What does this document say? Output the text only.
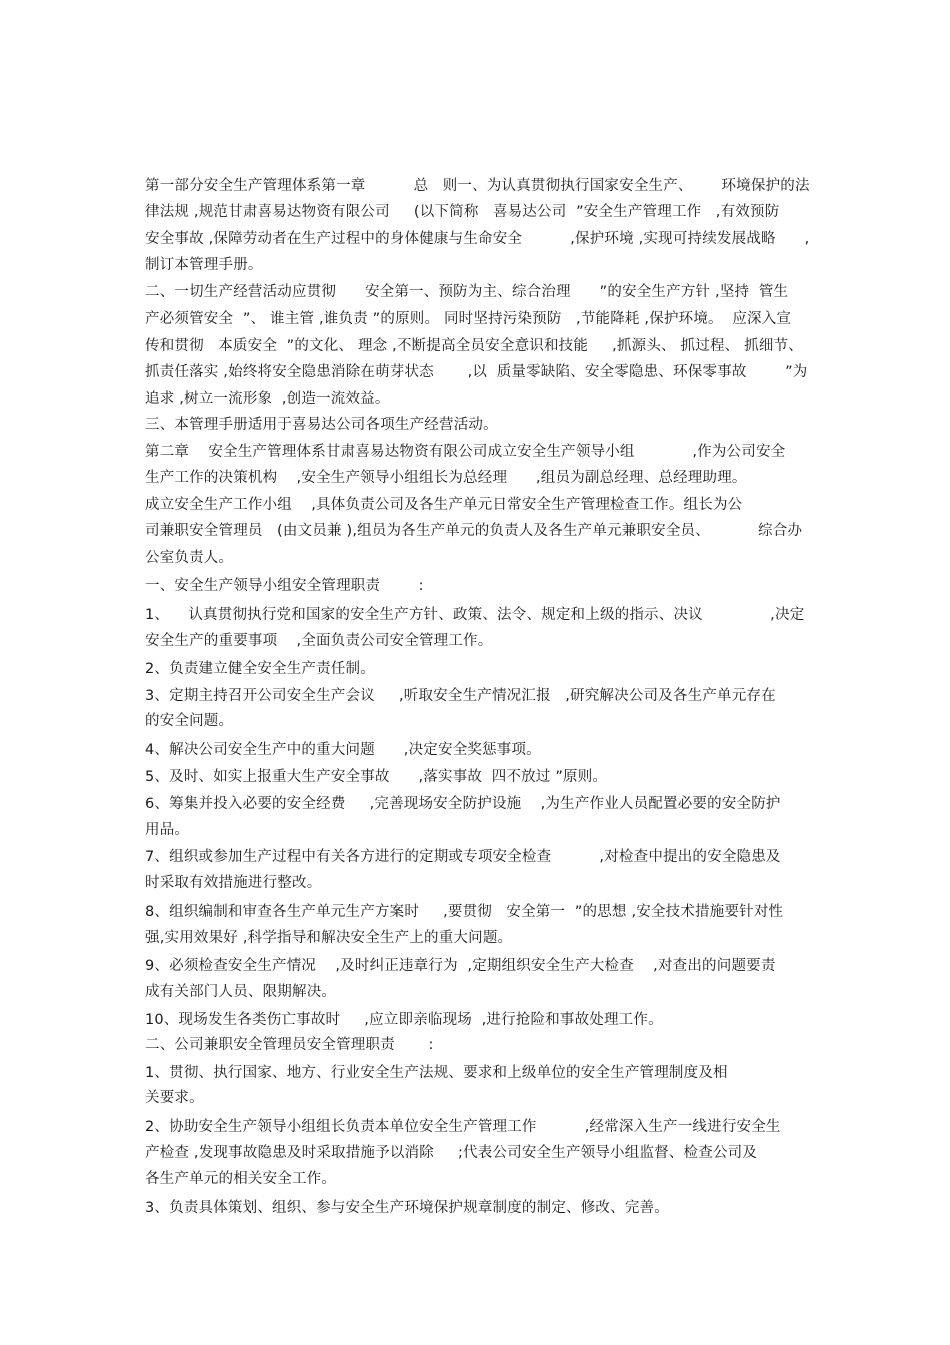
第一部分安全生产管理体系第一章          总   则一、为认真贯彻执行国家安全生产、      环境保护的法
律法规 ,规范甘肃喜易达物资有限公司     (以下简称   喜易达公司  ”安全生产管理工作   ,有效预防
安全事故 ,保障劳动者在生产过程中的身体健康与生命安全          ,保护环境 ,实现可持续发展战略      ,
制订本管理手册。
二、一切生产经营活动应贯彻      安全第一、预防为主、综合治理      ”的安全生产方针 ,坚持  管生
产必须管安全  ”、 谁主管 ,谁负责 ”的原则。 同时坚持污染预防   ,节能降耗 ,保护环境。  应深入宣
传和贯彻   本质安全  ”的文化、 理念 ,不断提高全员安全意识和技能     ,抓源头、 抓过程、 抓细节、
抓责任落实 ,始终将安全隐患消除在萌芽状态       ,以  质量零缺陷、安全零隐患、环保零事故        ”为
追求 ,树立一流形象  ,创造一流效益。
三、本管理手册适用于喜易达公司各项生产经营活动。
第二章    安全生产管理体系甘肃喜易达物资有限公司成立安全生产领导小组            ,作为公司安全
生产工作的决策机构    ,安全生产领导小组组长为总经理      ,组员为副总经理、总经理助理。
成立安全生产工作小组    ,具体负责公司及各生产单元日常安全生产管理检查工作。组长为公
司兼职安全管理员   (由文员兼 ),组员为各生产单元的负责人及各生产单元兼职安全员、          综合办
公室负责人。
一、安全生产领导小组安全管理职责        :
1、    认真贯彻执行党和国家的安全生产方针、政策、法令、规定和上级的指示、决议              ,决定
安全生产的重要事项    ,全面负责公司安全管理工作。
2、负责建立健全安全生产责任制。
3、定期主持召开公司安全生产会议     ,听取安全生产情况汇报   ,研究解决公司及各生产单元存在
的安全问题。
4、解决公司安全生产中的重大问题      ,决定安全奖惩事项。
5、及时、如实上报重大生产安全事故      ,落实事故  四不放过 ”原则。
6、筹集并投入必要的安全经费     ,完善现场安全防护设施    ,为生产作业人员配置必要的安全防护
用品。
7、组织或参加生产过程中有关各方进行的定期或专项安全检查          ,对检查中提出的安全隐患及
时采取有效措施进行整改。
8、组织编制和审查各生产单元生产方案时     ,要贯彻   安全第一  ”的思想 ,安全技术措施要针对性
强,实用效果好 ,科学指导和解决安全生产上的重大问题。
9、必须检查安全生产情况    ,及时纠正违章行为  ,定期组织安全生产大检查    ,对查出的问题要责
成有关部门人员、限期解决。
10、现场发生各类伤亡事故时     ,应立即亲临现场  ,进行抢险和事故处理工作。
二、公司兼职安全管理员安全管理职责       :
1、贯彻、执行国家、地方、行业安全生产法规、要求和上级单位的安全生产管理制度及相
关要求。
2、协助安全生产领导小组组长负责本单位安全生产管理工作          ,经常深入生产一线进行安全生
产检查 ,发现事故隐患及时采取措施予以消除     ;代表公司安全生产领导小组监督、检查公司及
各生产单元的相关安全工作。
3、负责具体策划、组织、参与安全生产环境保护规章制度的制定、修改、完善。
